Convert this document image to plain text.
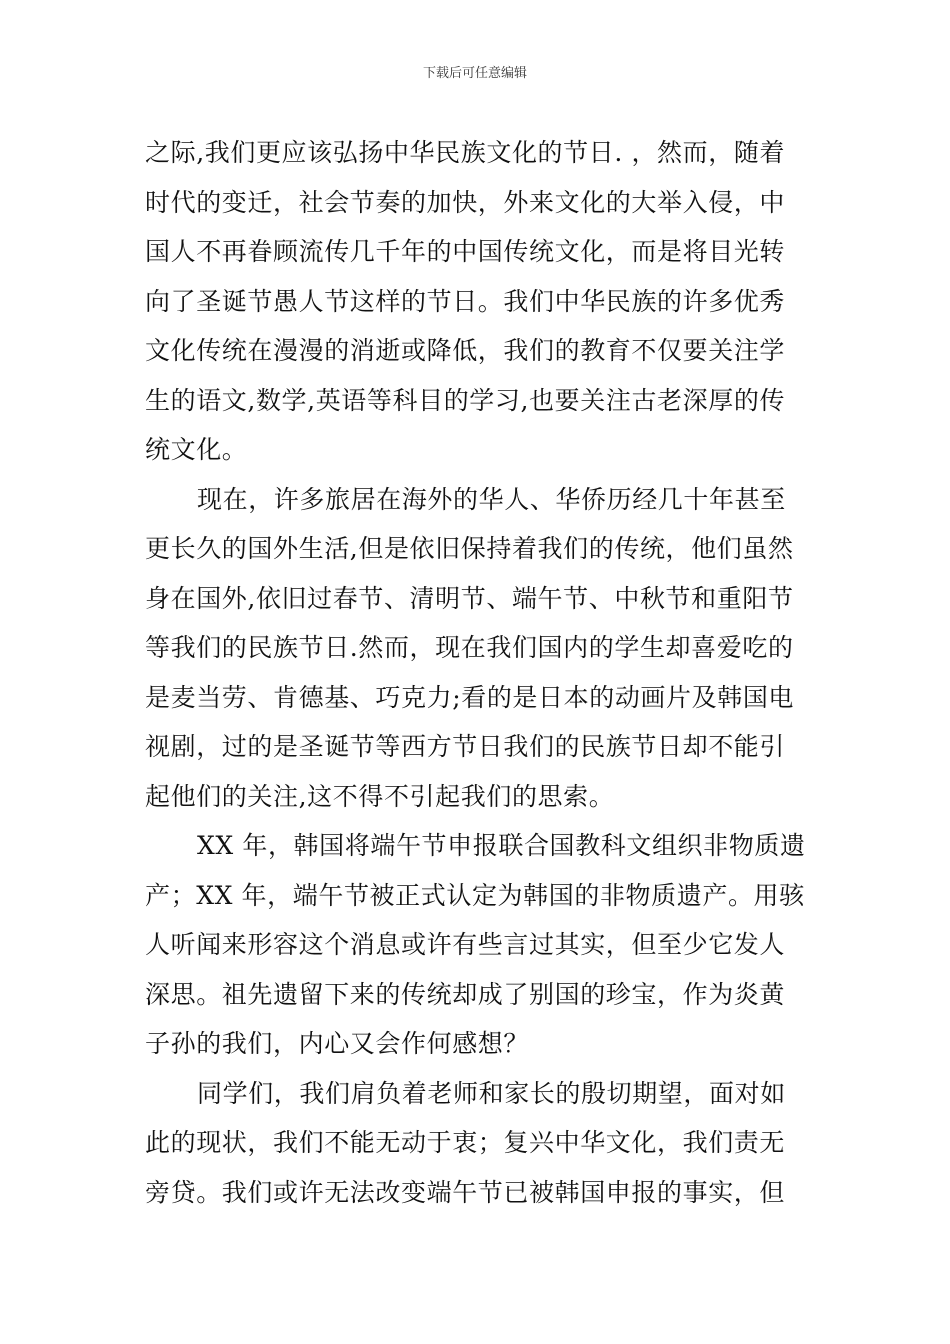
下载后可任意编辑
之际,我们更应该弘扬中华民族文化的节日. ，然而，随着
时代的变迁，社会节奏的加快，外来文化的大举入侵，中
国人不再眷顾流传几千年的中国传统文化，而是将目光转
向了圣诞节愚人节这样的节日。我们中华民族的许多优秀
文化传统在漫漫的消逝或降低，我们的教育不仅要关注学
生的语文,数学,英语等科目的学习,也要关注古老深厚的传
统文化。
现在，许多旅居在海外的华人、华侨历经几十年甚至
更长久的国外生活,但是依旧保持着我们的传统，他们虽然
身在国外,依旧过春节、清明节、端午节、中秋节和重阳节
等我们的民族节日.然而，现在我们国内的学生却喜爱吃的
是麦当劳、肯德基、巧克力;看的是日本的动画片及韩国电
视剧，过的是圣诞节等西方节日我们的民族节日却不能引
起他们的关注,这不得不引起我们的思索。
XX 年，韩国将端午节申报联合国教科文组织非物质遗
产；XX 年，端午节被正式认定为韩国的非物质遗产。用骇
人听闻来形容这个消息或许有些言过其实，但至少它发人
深思。祖先遗留下来的传统却成了别国的珍宝，作为炎黄
子孙的我们，内心又会作何感想？
同学们，我们肩负着老师和家长的殷切期望，面对如
此的现状，我们不能无动于衷；复兴中华文化，我们责无
旁贷。我们或许无法改变端午节已被韩国申报的事实，但
